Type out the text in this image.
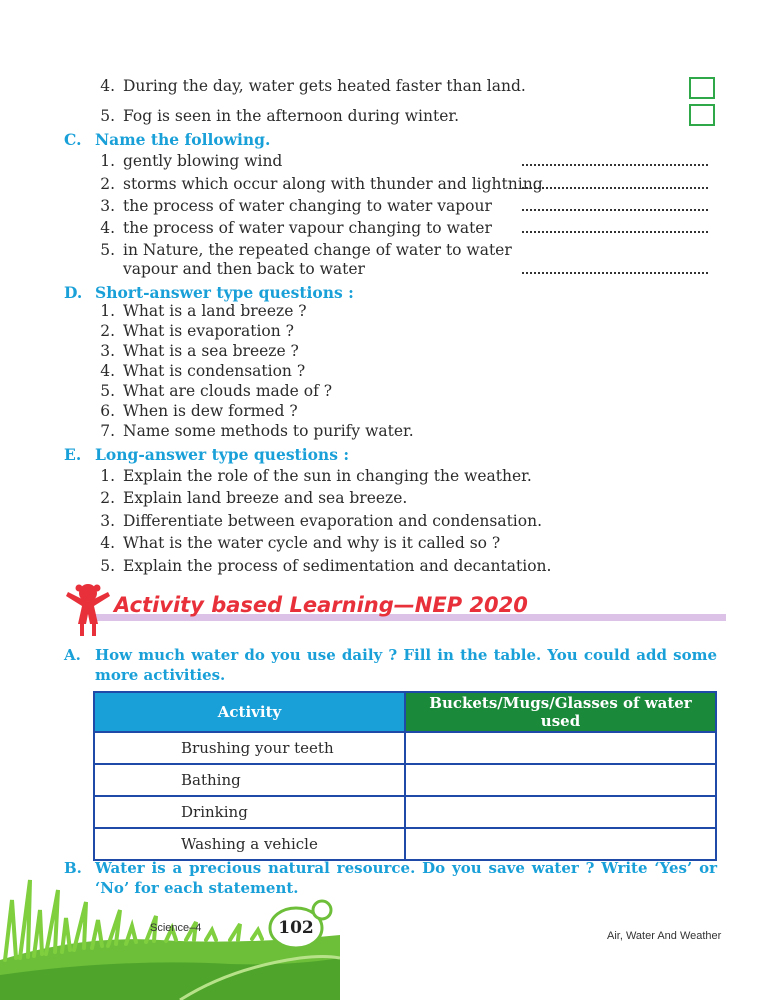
4. During the day, water gets heated faster than land.
5. Fog is seen in the afternoon during winter.
C. Name the following.
1. gently blowing wind
2. storms which occur along with thunder and lightning
3. the process of water changing to water vapour
4. the process of water vapour changing to water
5. in Nature, the repeated change of water to water
vapour and then back to water
D. Short-answer type questions :
1. What is a land breeze ?
2. What is evaporation ?
3. What is a sea breeze ?
4. What is condensation ?
5. What are clouds made of ?
6. When is dew formed ?
7. Name some methods to purify water.
E. Long-answer type questions :
1. Explain the role of the sun in changing the weather.
2. Explain land breeze and sea breeze.
3. Differentiate between evaporation and condensation.
4. What is the water cycle and why is it called so ?
5. Explain the process of sedimentation and decantation.
Activity based Learning—NEP 2020
A. How much water do you use daily ? Fill in the table. You could add some more activities.
Activity	Buckets/Mugs/Glasses of water used
Brushing your teeth	
Bathing	
Drinking	
Washing a vehicle	
B. Water is a precious natural resource. Do you save water ? Write ‘Yes’ or ‘No’ for each statement.
Science–4	102	Air, Water And Weather
